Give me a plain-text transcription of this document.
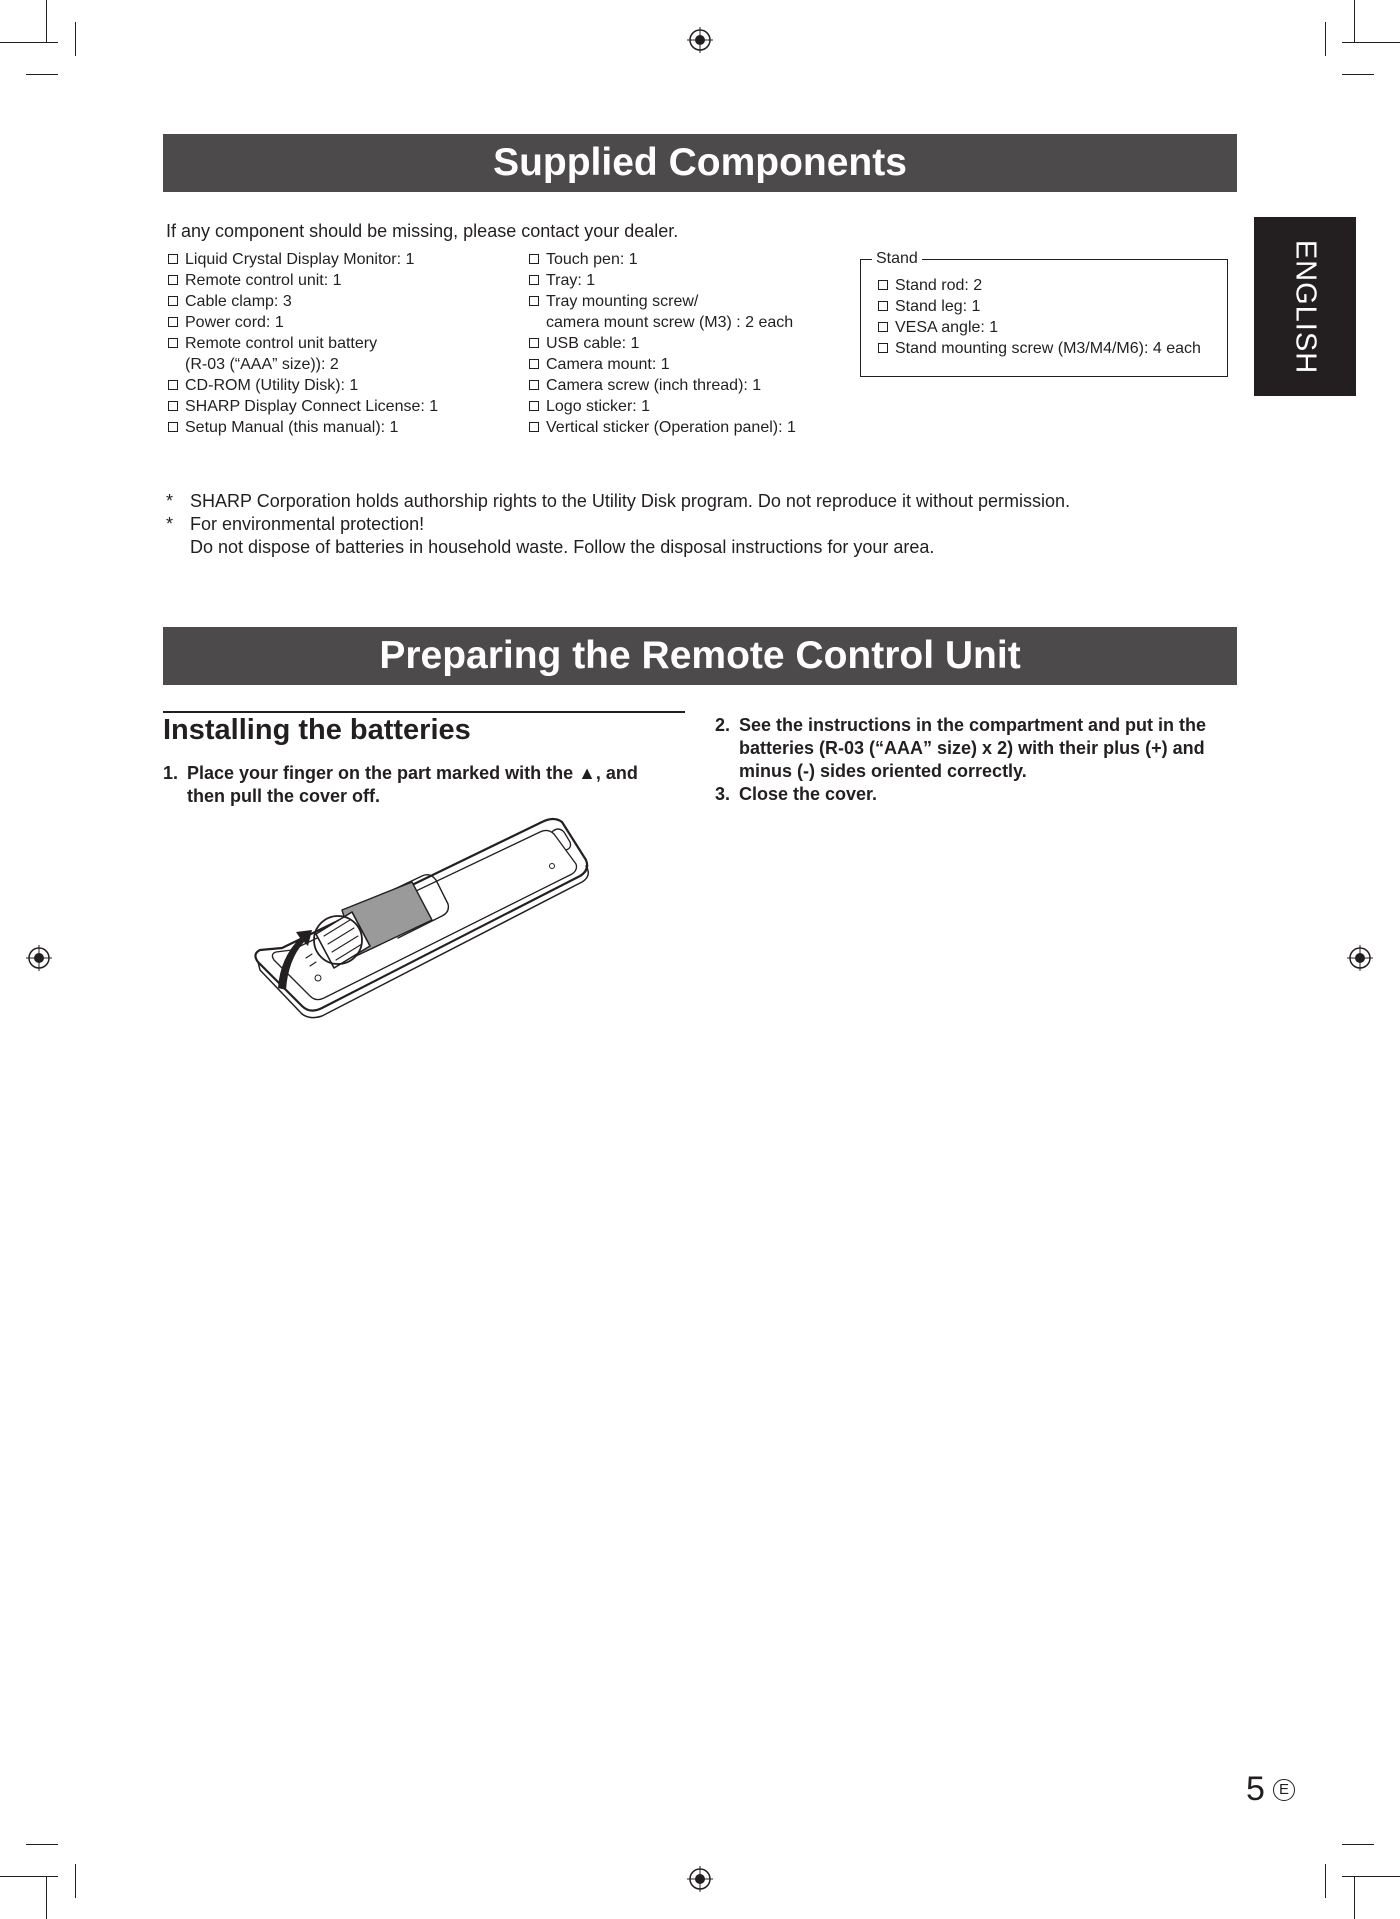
ENGLISH
Supplied Components
If any component should be missing, please contact your dealer.
Liquid Crystal Display Monitor: 1
Remote control unit: 1
Cable clamp: 3
Power cord: 1
Remote control unit battery
(R-03 (“AAA” size)): 2
CD-ROM (Utility Disk): 1
SHARP Display Connect License: 1
Setup Manual (this manual): 1
Touch pen: 1
Tray: 1
Tray mounting screw/
camera mount screw (M3) : 2 each
USB cable: 1
Camera mount: 1
Camera screw (inch thread): 1
Logo sticker: 1
Vertical sticker (Operation panel): 1
Stand
Stand rod: 2
Stand leg: 1
VESA angle: 1
Stand mounting screw (M3/M4/M6): 4 each
* SHARP Corporation holds authorship rights to the Utility Disk program. Do not reproduce it without permission.
* For environmental protection!
Do not dispose of batteries in household waste. Follow the disposal instructions for your area.
Preparing the Remote Control Unit
Installing the batteries
1. Place your finger on the part marked with the ▲, and
then pull the cover off.
2. See the instructions in the compartment and put in the
batteries (R-03 (“AAA” size) x 2) with their plus (+) and
minus (-) sides oriented correctly.
3. Close the cover.
5 E
